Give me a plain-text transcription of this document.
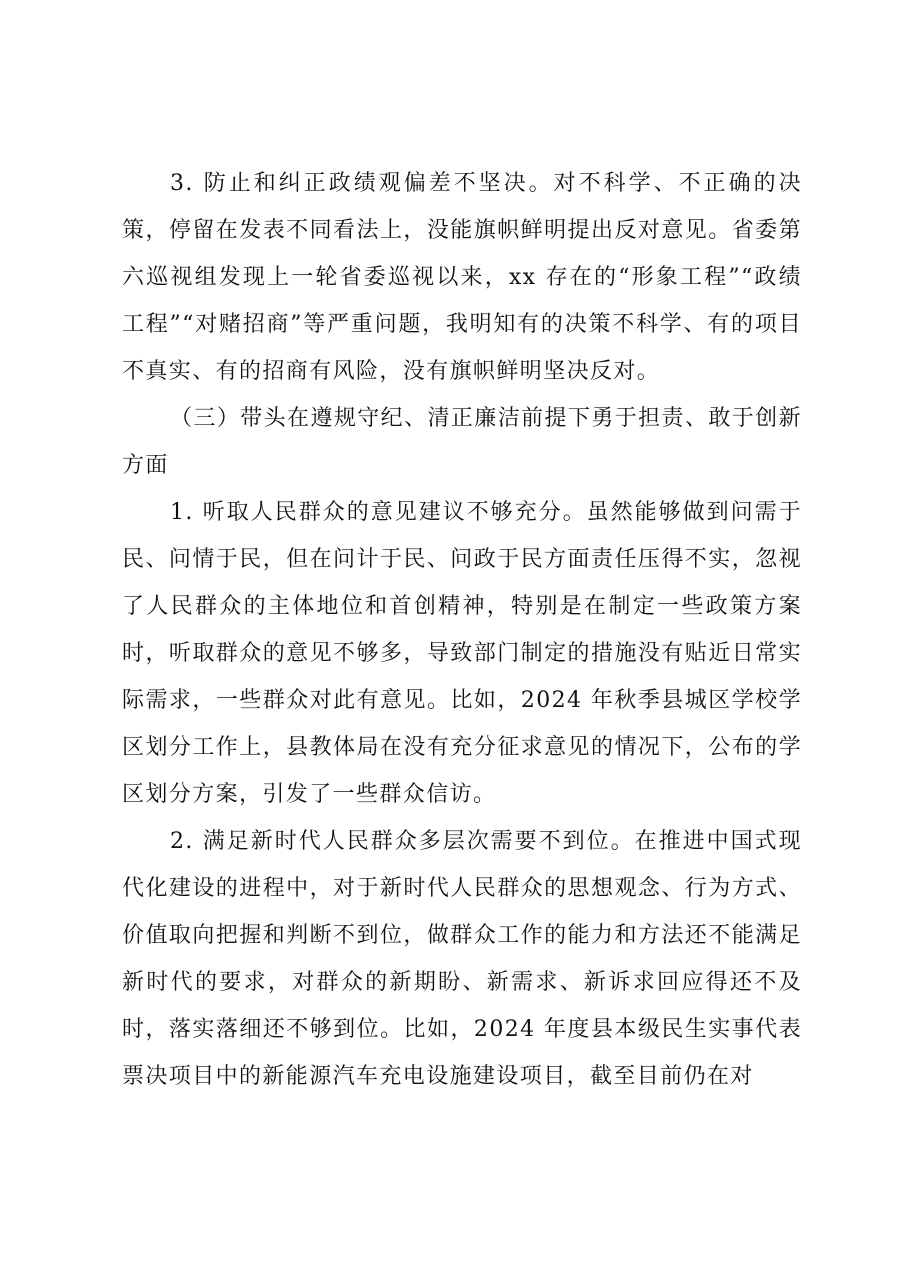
3. 防止和纠正政绩观偏差不坚决。对不科学、不正确的决策，停留在发表不同看法上，没能旗帜鲜明提出反对意见。省委第六巡视组发现上一轮省委巡视以来，xx 存在的“形象工程”“政绩工程”“对赌招商”等严重问题，我明知有的决策不科学、有的项目不真实、有的招商有风险，没有旗帜鲜明坚决反对。

（三）带头在遵规守纪、清正廉洁前提下勇于担责、敢于创新方面

1. 听取人民群众的意见建议不够充分。虽然能够做到问需于民、问情于民，但在问计于民、问政于民方面责任压得不实，忽视了人民群众的主体地位和首创精神，特别是在制定一些政策方案时，听取群众的意见不够多，导致部门制定的措施没有贴近日常实际需求，一些群众对此有意见。比如，2024 年秋季县城区学校学区划分工作上，县教体局在没有充分征求意见的情况下，公布的学区划分方案，引发了一些群众信访。

2. 满足新时代人民群众多层次需要不到位。在推进中国式现代化建设的进程中，对于新时代人民群众的思想观念、行为方式、价值取向把握和判断不到位，做群众工作的能力和方法还不能满足新时代的要求，对群众的新期盼、新需求、新诉求回应得还不及时，落实落细还不够到位。比如，2024 年度县本级民生实事代表票决项目中的新能源汽车充电设施建设项目，截至目前仍在对
